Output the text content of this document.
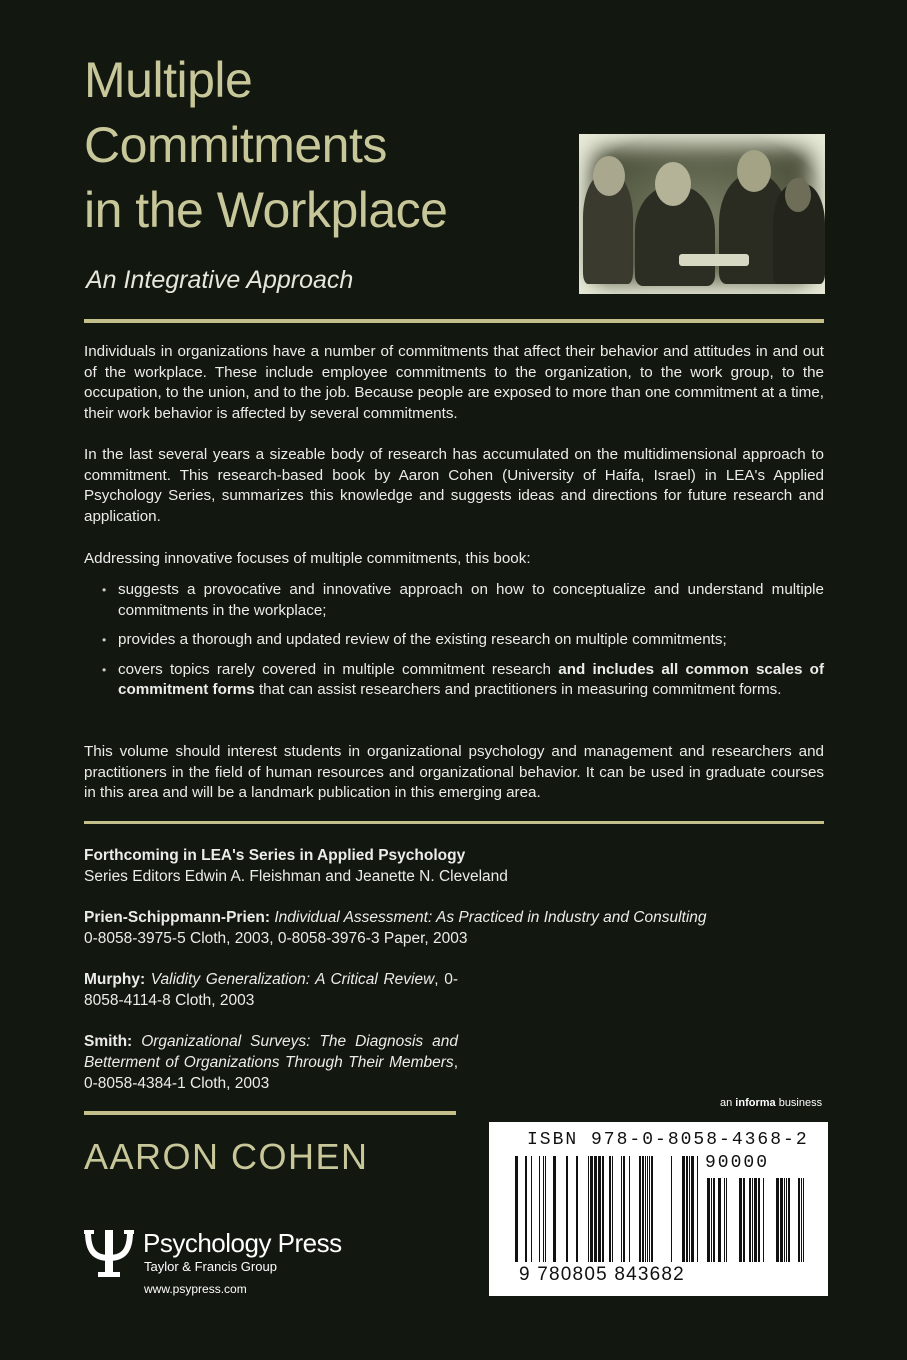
Multiple
Commitments
in the Workplace
An Integrative Approach
Individuals in organizations have a number of commitments that affect their behavior and attitudes in and out of the workplace. These include employee commitments to the organization, to the work group, to the occupation, to the union, and to the job. Because people are exposed to more than one commitment at a time, their work behavior is affected by several commitments.
In the last several years a sizeable body of research has accumulated on the multidimensional approach to commitment. This research-based book by Aaron Cohen (University of Haifa, Israel) in LEA's Applied Psychology Series, summarizes this knowledge and suggests ideas and directions for future research and application.
Addressing innovative focuses of multiple commitments, this book:
• suggests a provocative and innovative approach on how to conceptualize and understand multiple commitments in the workplace;
• provides a thorough and updated review of the existing research on multiple commitments;
• covers topics rarely covered in multiple commitment research and includes all common scales of commitment forms that can assist researchers and practitioners in measuring commitment forms.
This volume should interest students in organizational psychology and management and researchers and practitioners in the field of human resources and organizational behavior. It can be used in graduate courses in this area and will be a landmark publication in this emerging area.
Forthcoming in LEA's Series in Applied Psychology
Series Editors Edwin A. Fleishman and Jeanette N. Cleveland
Prien-Schippmann-Prien: Individual Assessment: As Practiced in Industry and Consulting
0-8058-3975-5 Cloth, 2003, 0-8058-3976-3 Paper, 2003
Murphy: Validity Generalization: A Critical Review, 0-8058-4114-8 Cloth, 2003
Smith: Organizational Surveys: The Diagnosis and Betterment of Organizations Through Their Members, 0-8058-4384-1 Cloth, 2003
AARON COHEN
Psychology Press
Taylor & Francis Group
www.psypress.com
an informa business
ISBN 978-0-8058-4368-2
90000
9 780805 843682
